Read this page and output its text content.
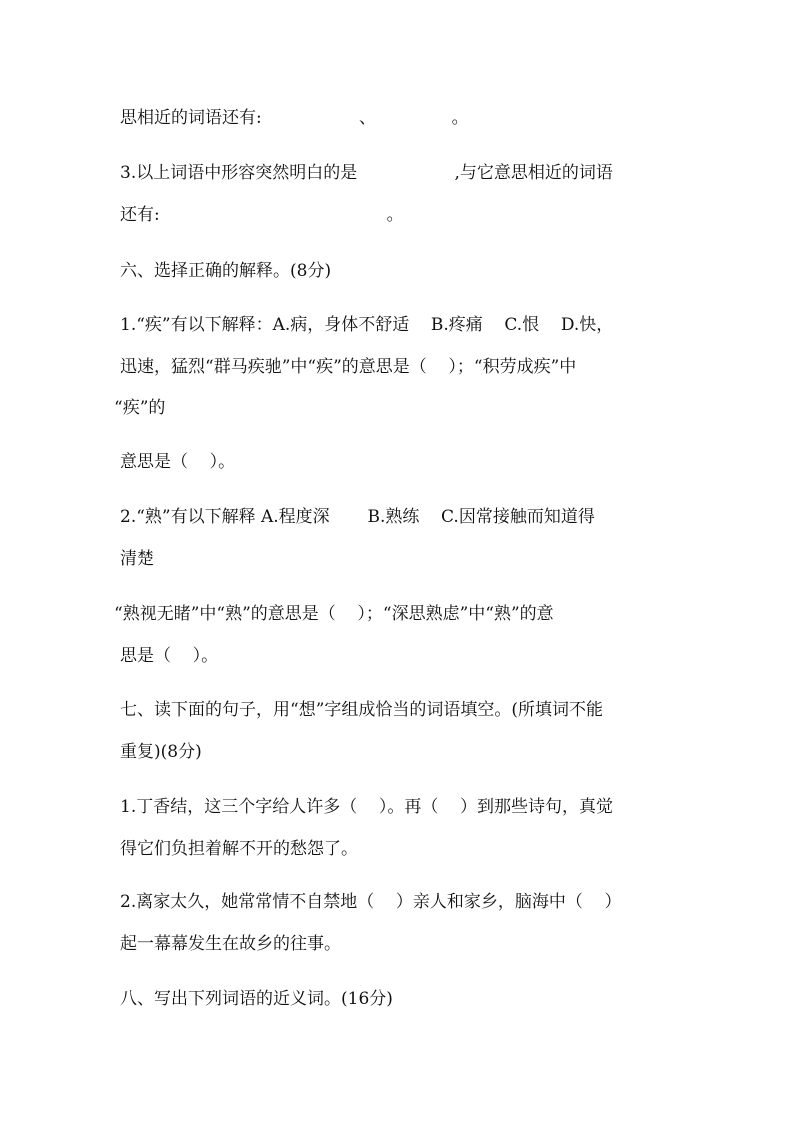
思相近的词语还有:                  、              。
3.以上词语中形容突然明白的是                  ,与它意思相近的词语
还有:                                          。
六、选择正确的解释。(8分)
1.“疾”有以下解释：A.病，身体不舒适    B.疼痛    C.恨    D.快，
迅速，猛烈“群马疾驰”中“疾”的意思是（    ）；“积劳成疾”中
“疾”的
意思是（    ）。
2.“熟”有以下解释 A.程度深       B.熟练    C.因常接触而知道得
清楚
“熟视无睹”中“熟”的意思是（    ）；“深思熟虑”中“熟”的意
思是（    ）。
七、读下面的句子，用“想”字组成恰当的词语填空。(所填词不能
重复)(8分)
1.丁香结，这三个字给人许多（    ）。再（    ）到那些诗句，真觉
得它们负担着解不开的愁怨了。
2.离家太久，她常常情不自禁地（    ）亲人和家乡，脑海中（    ）
起一幕幕发生在故乡的往事。
八、写出下列词语的近义词。(16分)
